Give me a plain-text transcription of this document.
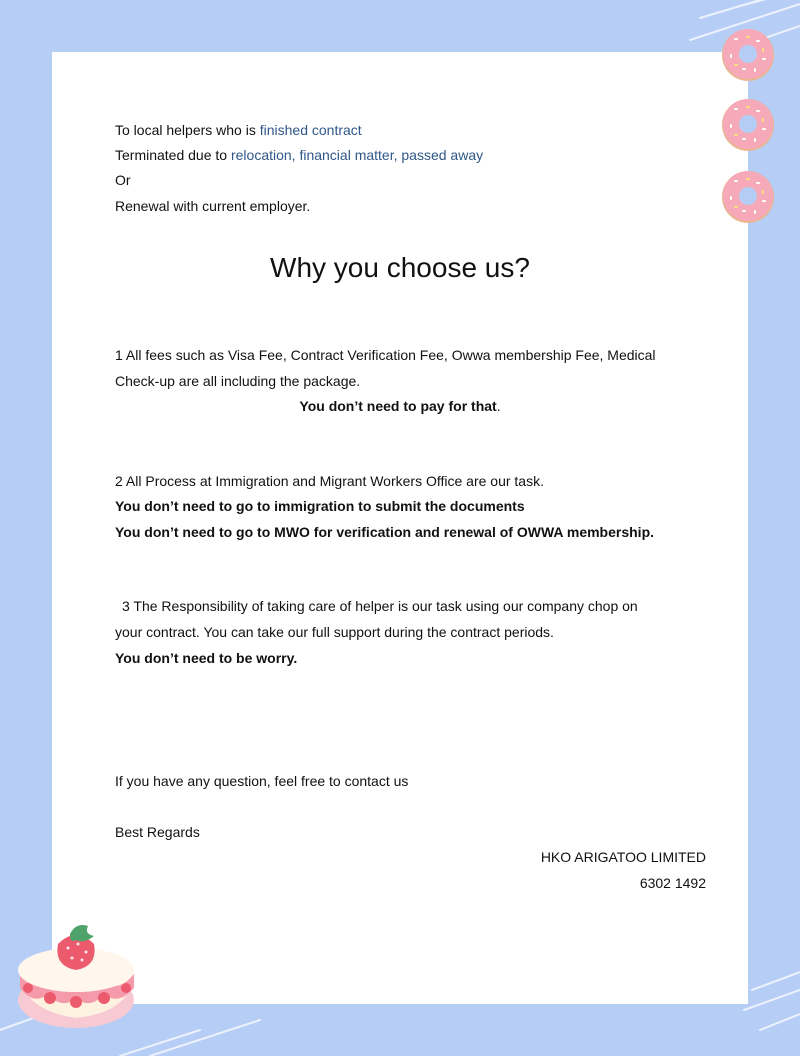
To local helpers who is finished contract
Terminated due to relocation, financial matter, passed away
Or
Renewal with current employer.
Why you choose us?
1 All fees such as Visa Fee, Contract Verification Fee, Owwa membership Fee, Medical
Check-up are all including the package.
You don’t need to pay for that.
2 All Process at Immigration and Migrant Workers Office are our task.
You don’t need to go to immigration to submit the documents
You don’t need to go to MWO for verification and renewal of OWWA membership.
3 The Responsibility of taking care of helper is our task using our company chop on
your contract. You can take our full support during the contract periods.
You don’t need to be worry.
If you have any question, feel free to contact us
Best Regards
HKO ARIGATOO LIMITED
6302 1492
